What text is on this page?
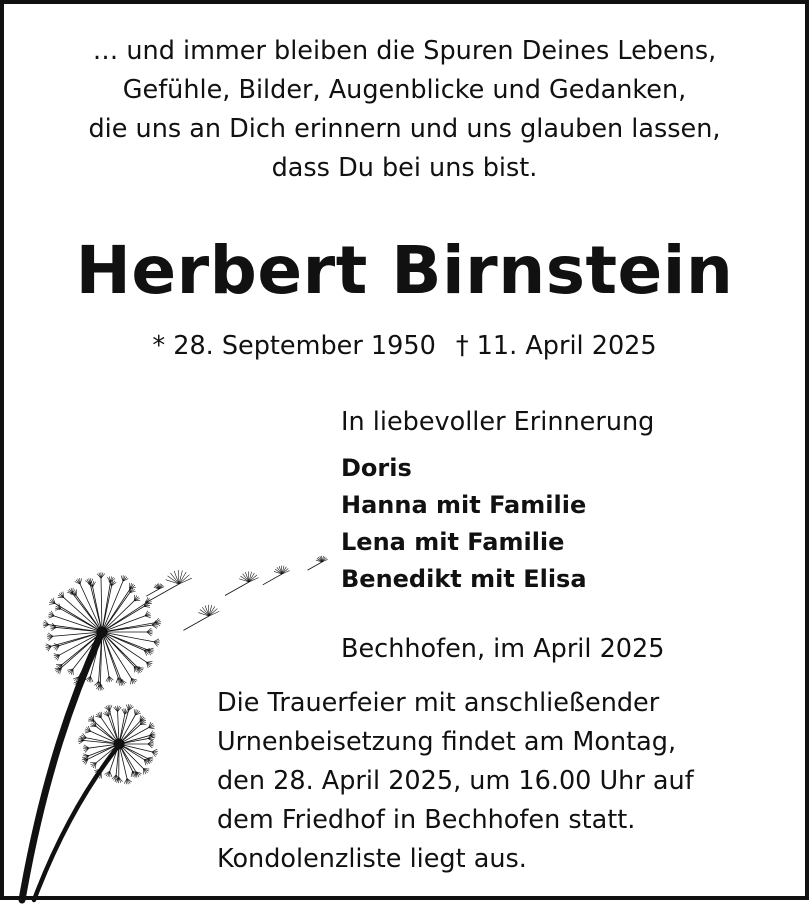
… und immer bleiben die Spuren Deines Lebens,
Gefühle, Bilder, Augenblicke und Gedanken,
die uns an Dich erinnern und uns glauben lassen,
dass Du bei uns bist.
Herbert Birnstein
* 28. September 1950 † 11. April 2025
In liebevoller Erinnerung
Doris
Hanna mit Familie
Lena mit Familie
Benedikt mit Elisa
Bechhofen, im April 2025
Die Trauerfeier mit anschließender
Urnenbeisetzung findet am Montag,
den 28. April 2025, um 16.00 Uhr auf
dem Friedhof in Bechhofen statt.
Kondolenzliste liegt aus.
